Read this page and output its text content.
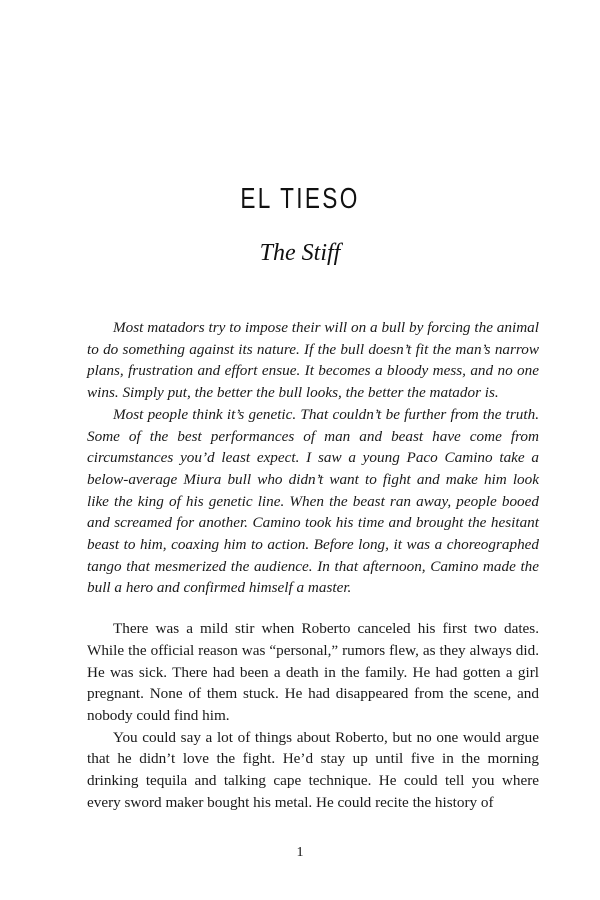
EL TIESO
The Stiff

Most matadors try to impose their will on a bull by forcing the animal to do something against its nature. If the bull doesn’t fit the man’s narrow plans, frustration and effort ensue. It becomes a bloody mess, and no one wins. Simply put, the better the bull looks, the better the matador is.

Most people think it’s genetic. That couldn’t be further from the truth. Some of the best performances of man and beast have come from circumstances you’d least expect. I saw a young Paco Camino take a below-average Miura bull who didn’t want to fight and make him look like the king of his genetic line. When the beast ran away, people booed and screamed for another. Camino took his time and brought the hesitant beast to him, coaxing him to action. Before long, it was a choreographed tango that mesmerized the audience. In that afternoon, Camino made the bull a hero and confirmed himself a master.

There was a mild stir when Roberto canceled his first two dates. While the official reason was “personal,” rumors flew, as they always did. He was sick. There had been a death in the family. He had gotten a girl pregnant. None of them stuck. He had disappeared from the scene, and nobody could find him.

You could say a lot of things about Roberto, but no one would argue that he didn’t love the fight. He’d stay up until five in the morning drinking tequila and talking cape technique. He could tell you where every sword maker bought his metal. He could recite the history of

1
